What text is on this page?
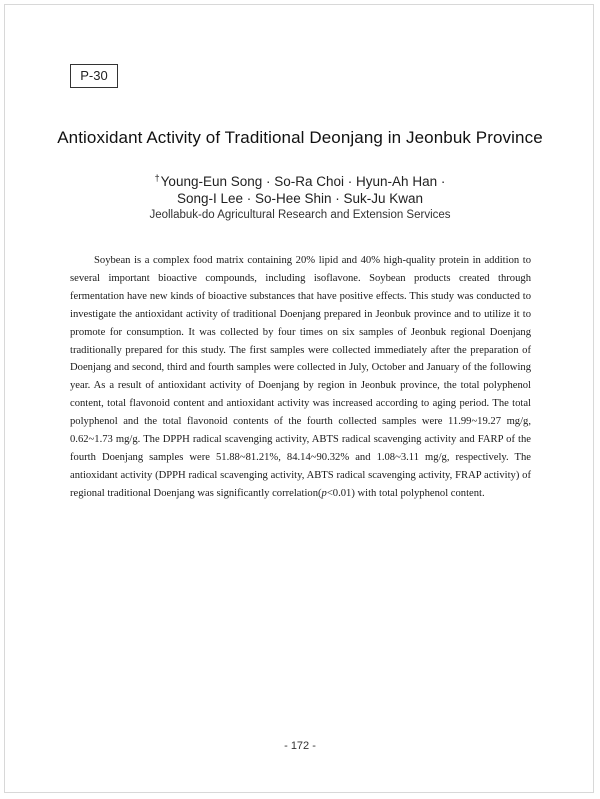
P-30
Antioxidant Activity of Traditional Deonjang in Jeonbuk Province
†Young-Eun Song · So-Ra Choi · Hyun-Ah Han ·
Song-I Lee · So-Hee Shin · Suk-Ju Kwan
Jeollabuk-do Agricultural Research and Extension Services

Soybean is a complex food matrix containing 20% lipid and 40% high-quality protein in addition to several important bioactive compounds, including isoflavone. Soybean products created through fermentation have new kinds of bioactive substances that have positive effects. This study was conducted to investigate the antioxidant activity of traditional Doenjang prepared in Jeonbuk province and to utilize it to promote for consumption. It was collected by four times on six samples of Jeonbuk regional Doenjang traditionally prepared for this study. The first samples were collected immediately after the preparation of Doenjang and second, third and fourth samples were collected in July, October and January of the following year. As a result of antioxidant activity of Doenjang by region in Jeonbuk province, the total polyphenol content, total flavonoid content and antioxidant activity was increased according to aging period. The total polyphenol and the total flavonoid contents of the fourth collected samples were 11.99~19.27 mg/g, 0.62~1.73 mg/g. The DPPH radical scavenging activity, ABTS radical scavenging activity and FARP of the fourth Doenjang samples were 51.88~81.21%, 84.14~90.32% and 1.08~3.11 mg/g, respectively. The antioxidant activity (DPPH radical scavenging activity, ABTS radical scavenging activity, FRAP activity) of regional traditional Doenjang was significantly correlation(p<0.01) with total polyphenol content.

- 172 -
